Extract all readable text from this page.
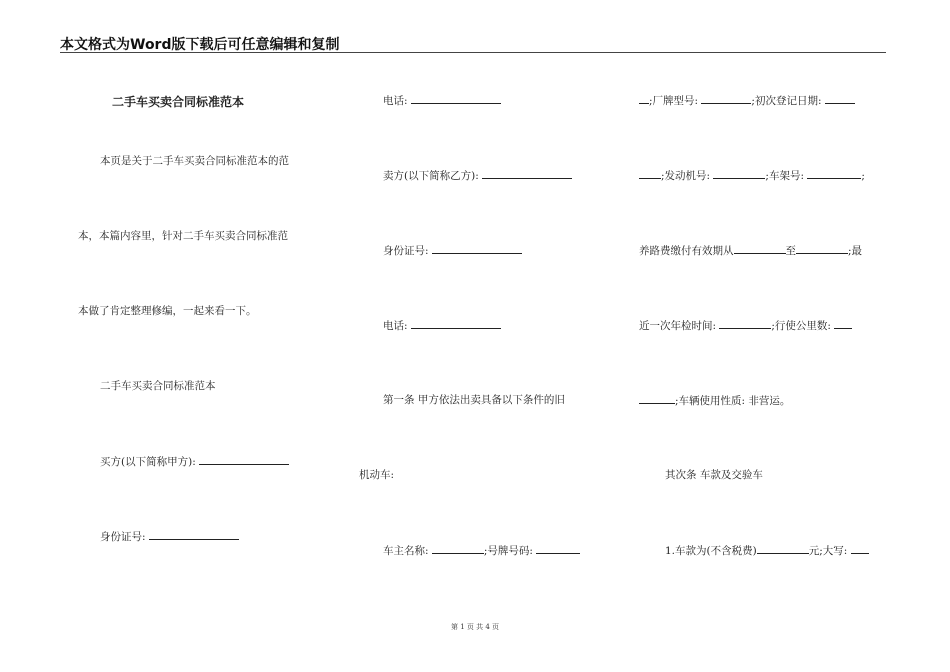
本文格式为Word版下载后可任意编辑和复制
二手车买卖合同标准范本
本页是关于二手车买卖合同标准范本的范
本，本篇内容里，针对二手车买卖合同标准范
本做了肯定整理修编，一起来看一下。
二手车买卖合同标准范本
买方(以下简称甲方):
身份证号:
电话:
卖方(以下简称乙方):
身份证号:
电话:
第一条 甲方依法出卖具备以下条件的旧
机动车:
车主名称:	;号牌号码:
;厂牌型号:	;初次登记日期:
;发动机号:	;车架号:	;
养路费缴付有效期从	至	;最
近一次年检时间:	;行使公里数:
;车辆使用性质: 非营运。
其次条 车款及交验车
1.车款为(不含税费)	元;大写:
第 1 页 共 4 页
